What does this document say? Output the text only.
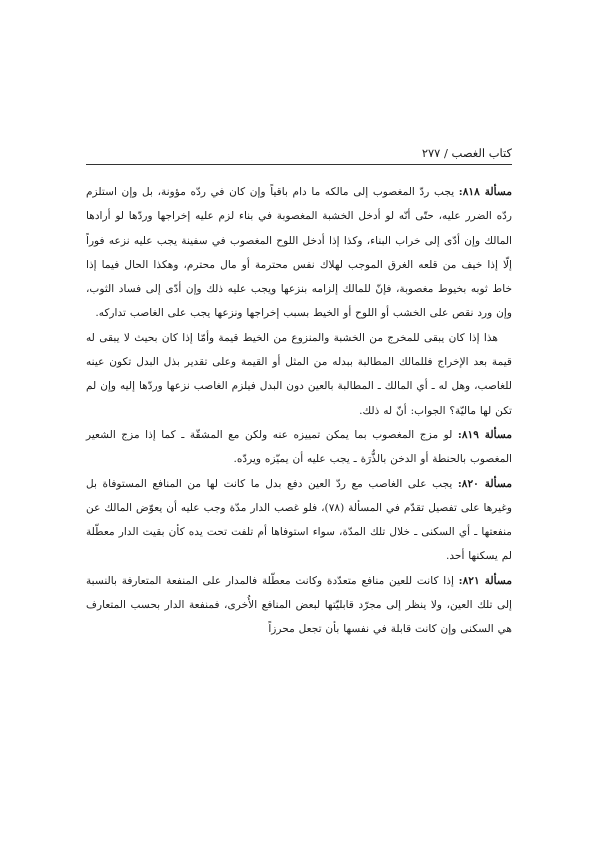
كتاب الغصب / ٢٧٧

مسألة ٨١٨: يجب ردّ المغصوب إلى مالكه ما دام باقياً وإن كان في ردّه مؤونة، بل وإن استلزم ردّه الضرر عليه، حتّى أنّه لو أدخل الخشبة المغصوبة في بناء لزم عليه إخراجها وردّها لو أرادها المالك وإن أدّى إلى خراب البناء، وكذا إذا أدخل اللوح المغصوب في سفينة يجب عليه نزعه فوراً إلّا إذا خيف من قلعه الغرق الموجب لهلاك نفس محترمة أو مال محترم، وهكذا الحال فيما إذا خاط ثوبه بخيوط مغصوبة، فإنّ للمالك إلزامه بنزعها ويجب عليه ذلك وإن أدّى إلى فساد الثوب، وإن ورد نقص على الخشب أو اللوح أو الخيط بسبب إخراجها ونزعها يجب على الغاصب تداركه.

هذا إذا كان يبقى للمخرج من الخشبة والمنزوع من الخيط قيمة وأمّا إذا كان بحيث لا يبقى له قيمة بعد الإخراج فللمالك المطالبة ببدله من المثل أو القيمة وعلى تقدير بذل البدل تكون عينه للغاصب، وهل له ـ أي المالك ـ المطالبة بالعين دون البدل فيلزم الغاصب نزعها وردّها إليه وإن لم تكن لها ماليّة؟ الجواب: أنّ له ذلك.

مسألة ٨١٩: لو مزج المغصوب بما يمكن تمييزه عنه ولكن مع المشقّة ـ كما إذا مزج الشعير المغصوب بالحنطة أو الدخن بالذُّرَة ـ يجب عليه أن يميّزه ويردّه.

مسألة ٨٢٠: يجب على الغاصب مع ردّ العين دفع بدل ما كانت لها من المنافع المستوفاة بل وغيرها على تفصيل تقدّم في المسألة (٧٨)، فلو غصب الدار مدّة وجب عليه أن يعوّض المالك عن منفعتها ـ أي السكنى ـ خلال تلك المدّة، سواء استوفاها أم تلفت تحت يده كأن بقيت الدار معطّلة لم يسكنها أحد.

مسألة ٨٢١: إذا كانت للعين منافع متعدّدة وكانت معطّلة فالمدار على المنفعة المتعارفة بالنسبة إلى تلك العين، ولا ينظر إلى مجرّد قابليّتها لبعض المنافع الأُخرى، فمنفعة الدار بحسب المتعارف هي السكنى وإن كانت قابلة في نفسها بأن تجعل محرزاً
